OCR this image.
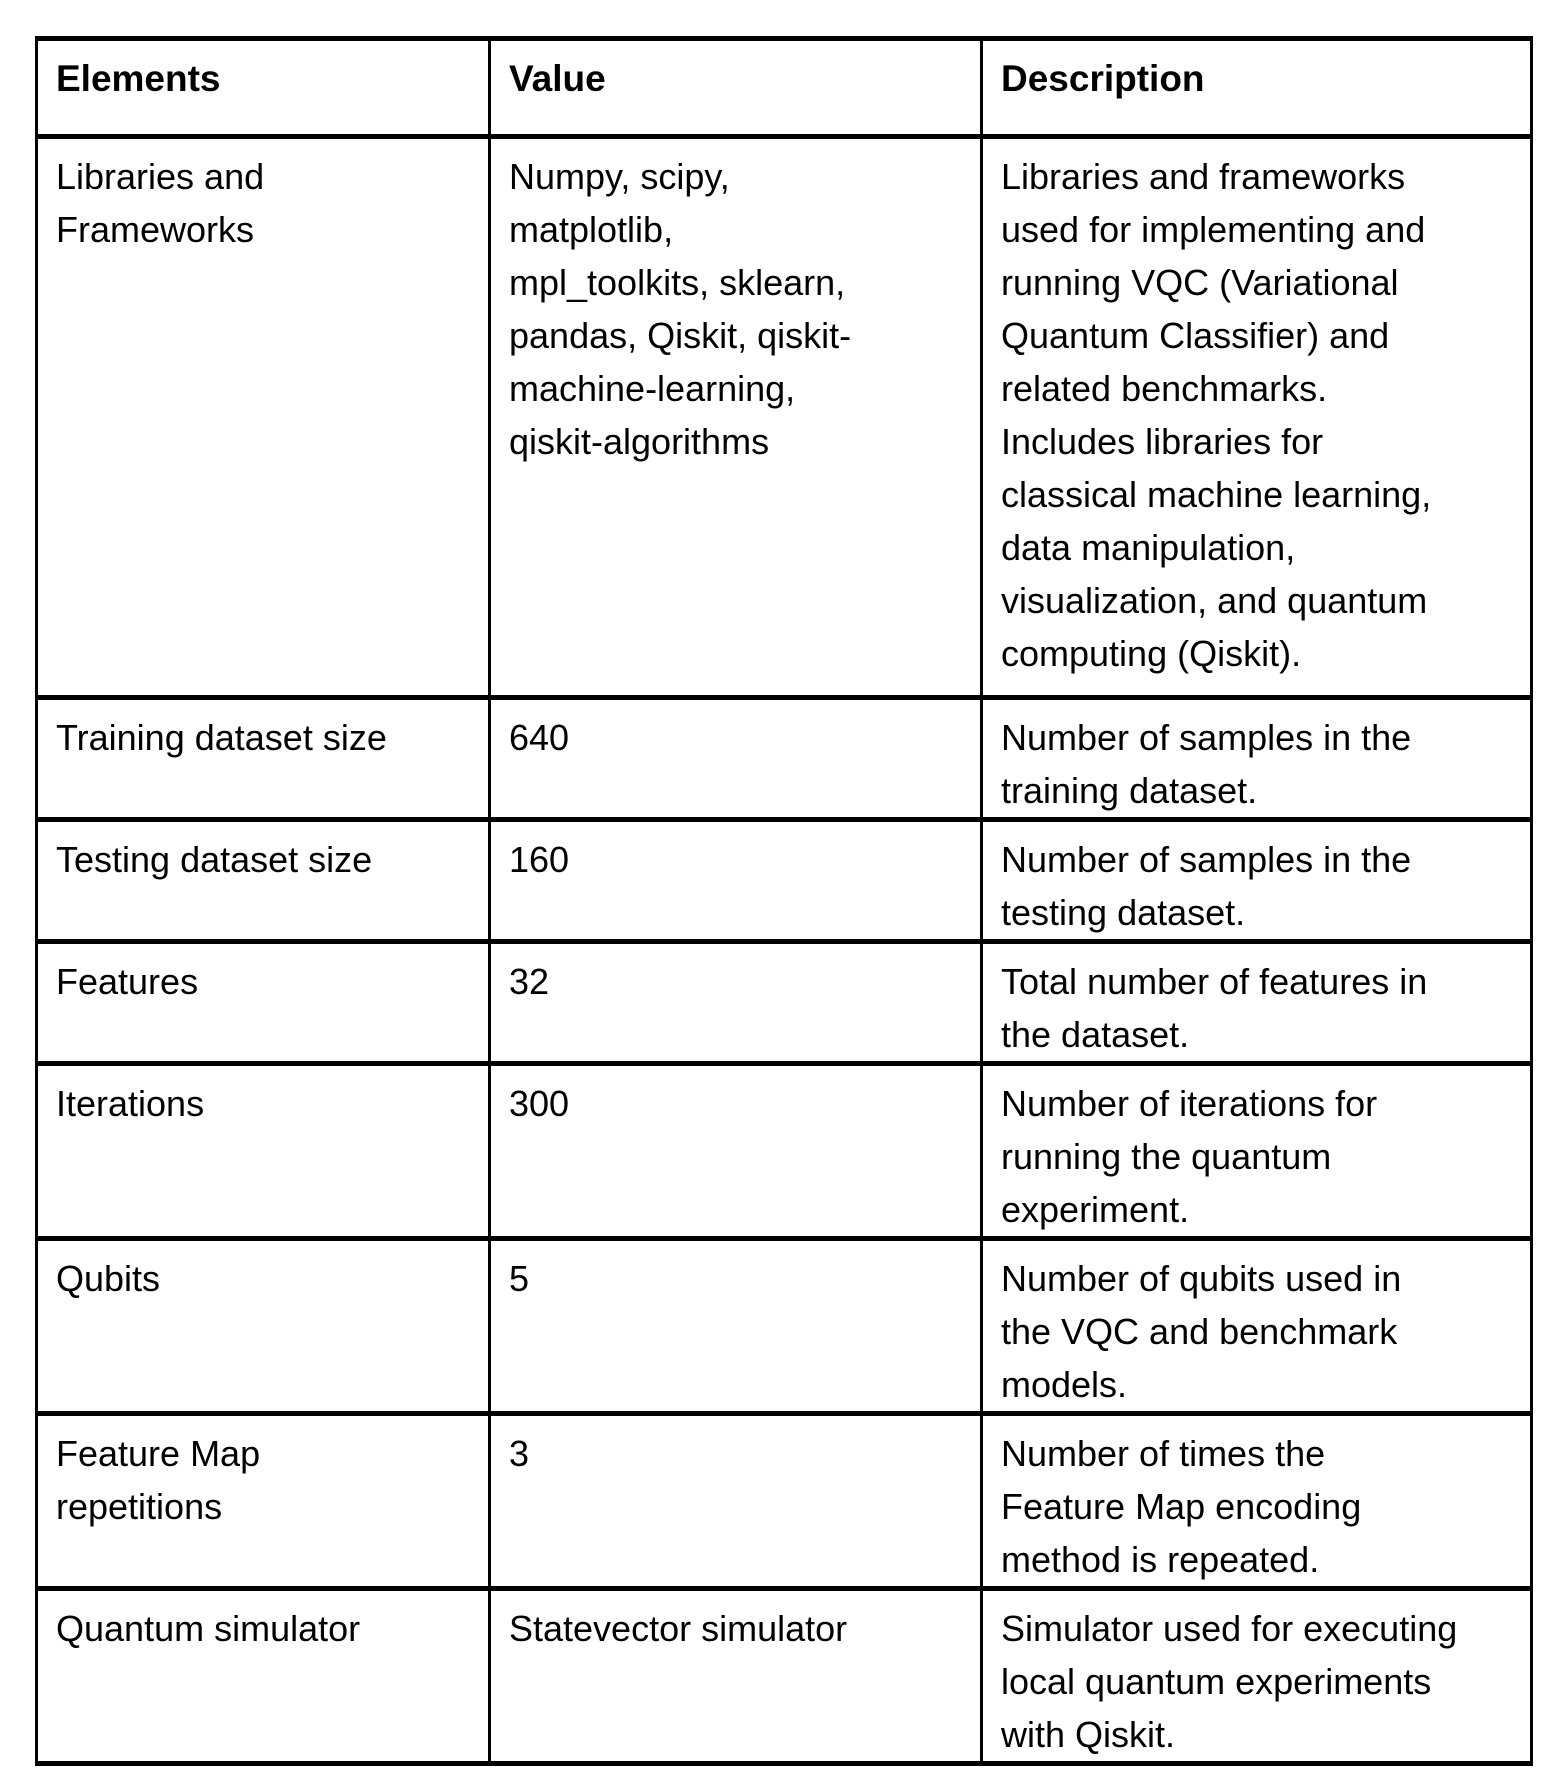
Elements	Value	Description

Libraries and Frameworks	Numpy, scipy, matplotlib, mpl_toolkits, sklearn, pandas, Qiskit, qiskit-machine-learning, qiskit-algorithms	Libraries and frameworks used for implementing and running VQC (Variational Quantum Classifier) and related benchmarks. Includes libraries for classical machine learning, data manipulation, visualization, and quantum computing (Qiskit).

Training dataset size	640	Number of samples in the training dataset.

Testing dataset size	160	Number of samples in the testing dataset.

Features	32	Total number of features in the dataset.

Iterations	300	Number of iterations for running the quantum experiment.

Qubits	5	Number of qubits used in the VQC and benchmark models.

Feature Map repetitions	3	Number of times the Feature Map encoding method is repeated.

Quantum simulator	Statevector simulator	Simulator used for executing local quantum experiments with Qiskit.
